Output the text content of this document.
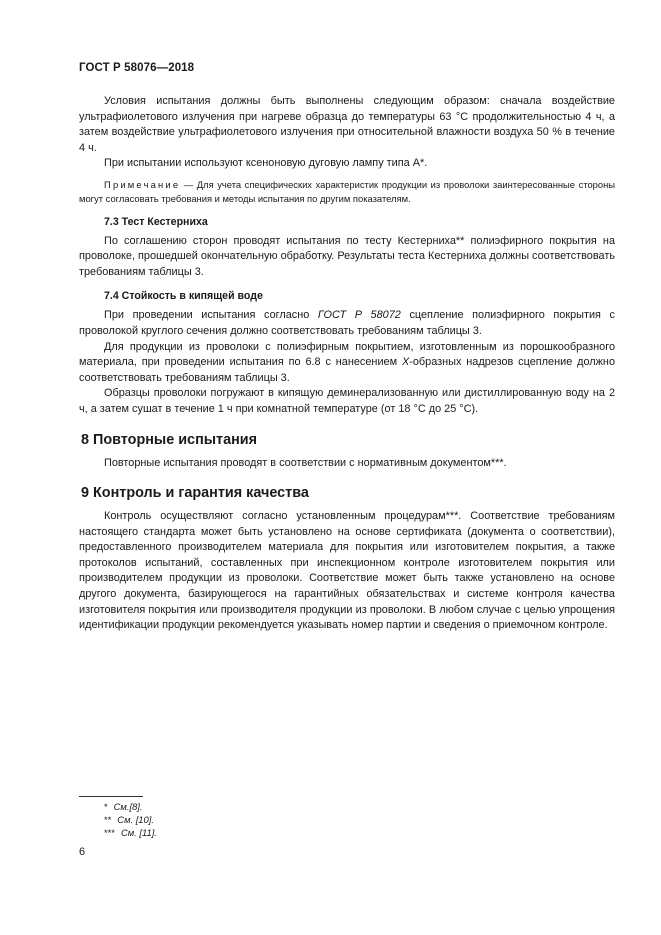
ГОСТ Р 58076—2018

Условия испытания должны быть выполнены следующим образом: сначала воздействие ультрафиолетового излучения при нагреве образца до температуры 63 °С продолжительностью 4 ч, а затем воздействие ультрафиолетового излучения при относительной влажности воздуха 50 % в течение 4 ч.

При испытании используют ксеноновую дуговую лампу типа А*.

Примечание — Для учета специфических характеристик продукции из проволоки заинтересованные стороны могут согласовать требования и методы испытания по другим показателям.

7.3 Тест Кестерниха

По соглашению сторон проводят испытания по тесту Кестерниха** полиэфирного покрытия на проволоке, прошедшей окончательную обработку. Результаты теста Кестерниха должны соответствовать требованиям таблицы 3.

7.4 Стойкость в кипящей воде

При проведении испытания согласно ГОСТ Р 58072 сцепление полиэфирного покрытия с проволокой круглого сечения должно соответствовать требованиям таблицы 3.

Для продукции из проволоки с полиэфирным покрытием, изготовленным из порошкообразного материала, при проведении испытания по 6.8 с нанесением Х-образных надрезов сцепление должно соответствовать требованиям таблицы 3.

Образцы проволоки погружают в кипящую деминерализованную или дистиллированную воду на 2 ч, а затем сушат в течение 1 ч при комнатной температуре (от 18 °С до 25 °С).

8 Повторные испытания

Повторные испытания проводят в соответствии с нормативным документом***.

9 Контроль и гарантия качества

Контроль осуществляют согласно установленным процедурам***. Соответствие требованиям настоящего стандарта может быть установлено на основе сертификата (документа о соответствии), предоставленного производителем материала для покрытия или изготовителем покрытия, а также протоколов испытаний, составленных при инспекционном контроле изготовителем покрытия или производителем продукции из проволоки. Соответствие может быть также установлено на основе другого документа, базирующегося на гарантийных обязательствах и системе контроля качества изготовителя покрытия или производителя продукции из проволоки. В любом случае с целью упрощения идентификации продукции рекомендуется указывать номер партии и сведения о приемочном контроле.

* См.[8].
** См. [10].
*** См. [11].
6
